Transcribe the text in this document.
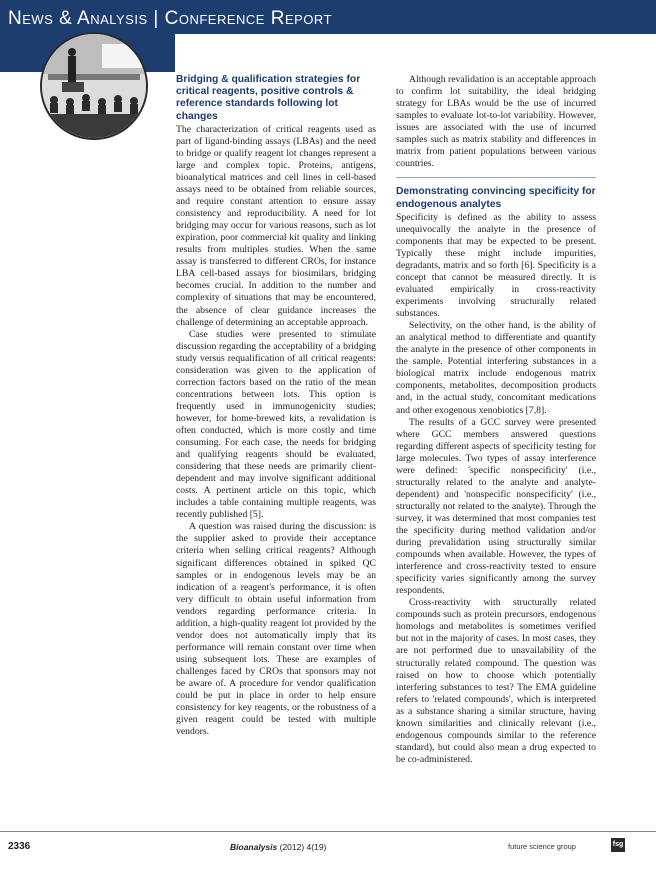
News & Analysis | Conference Report
Bridging & qualification strategies for critical reagents, positive controls & reference standards following lot changes

The characterization of critical reagents used as part of ligand-binding assays (LBAs) and the need to bridge or qualify reagent lot changes represent a large and complex topic. Proteins, antigens, bioanalytical matrices and cell lines in cell-based assays need to be obtained from reliable sources, and require constant attention to ensure assay consistency and reproducibility. A need for lot bridging may occur for various reasons, such as lot expiration, poor commercial kit quality and linking results from multiples studies. When the same assay is transferred to different CROs, for instance LBA cell-based assays for biosimilars, bridging becomes crucial. In addition to the number and complexity of situations that may be encountered, the absence of clear guidance increases the challenge of determining an acceptable approach.

Case studies were presented to stimulate discussion regarding the acceptability of a bridging study versus requalification of all critical reagents: consideration was given to the application of correction factors based on the ratio of the mean concentrations between lots. This option is frequently used in immunogenicity studies; however, for home-brewed kits, a revalidation is often conducted, which is more costly and time consuming. For each case, the needs for bridging and qualifying reagents should be evaluated, considering that these needs are primarily client-dependent and may involve significant additional costs. A pertinent article on this topic, which includes a table containing multiple reagents, was recently published [5].

A question was raised during the discussion: is the supplier asked to provide their acceptance criteria when selling critical reagents? Although significant differences obtained in spiked QC samples or in endogenous levels may be an indication of a reagent's performance, it is often very difficult to obtain useful information from vendors regarding performance criteria. In addition, a high-quality reagent lot provided by the vendor does not automatically imply that its performance will remain constant over time when using subsequent lots. These are examples of challenges faced by CROs that sponsors may not be aware of. A procedure for vendor qualification could be put in place in order to help ensure consistency for key reagents, or the robustness of a given reagent could be tested with multiple vendors.

Although revalidation is an acceptable approach to confirm lot suitability, the ideal bridging strategy for LBAs would be the use of incurred samples to evaluate lot-to-lot variability. However, issues are associated with the use of incurred samples such as matrix stability and differences in matrix from patient populations between various countries.

Demonstrating convincing specificity for endogenous analytes

Specificity is defined as the ability to assess unequivocally the analyte in the presence of components that may be expected to be present. Typically these might include impurities, degradants, matrix and so forth [6]. Specificity is a concept that cannot be measured directly. It is evaluated empirically in cross-reactivity experiments involving structurally related substances.

Selectivity, on the other hand, is the ability of an analytical method to differentiate and quantify the analyte in the presence of other components in the sample. Potential interfering substances in a biological matrix include endogenous matrix components, metabolites, decomposition products and, in the actual study, concomitant medications and other exogenous xenobiotics [7,8].

The results of a GCC survey were presented where GCC members answered questions regarding different aspects of specificity testing for large molecules. Two types of assay interference were defined: 'specific nonspecificity' (i.e., structurally related to the analyte and analyte-dependent) and 'nonspecific nonspecificity' (i.e., structurally not related to the analyte). Through the survey, it was determined that most companies test the specificity during method validation and/or during prevalidation using structurally similar compounds when available. However, the types of interference and cross-reactivity tested to ensure specificity varies significantly among the survey respondents.

Cross-reactivity with structurally related compounds such as protein precursors, endogenous homologs and metabolites is sometimes verified but not in the majority of cases. In most cases, they are not performed due to unavailability of the structurally related compound. The question was raised on how to choose which potentially interfering substances to test? The EMA guideline refers to 'related compounds', which is interpreted as a substance sharing a similar structure, having known similarities and clinically relevant (i.e., endogenous compounds similar to the reference standard), but could also mean a drug expected to be co-administered.

2336	Bioanalysis (2012) 4(19)	future science group	fsg
